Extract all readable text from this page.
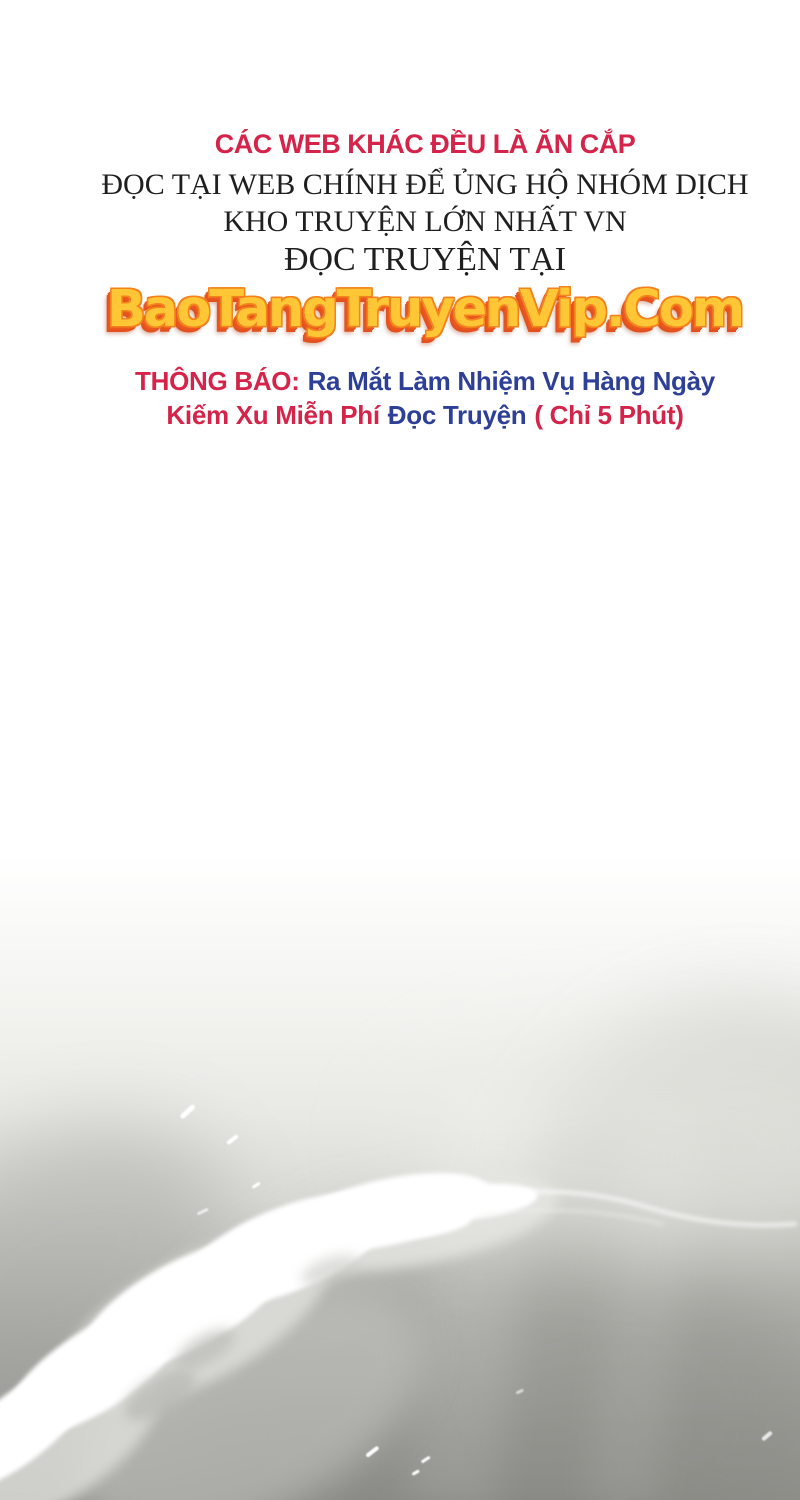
CÁC WEB KHÁC ĐỀU LÀ ĂN CẮP
ĐỌC TẠI WEB CHÍNH ĐỂ ỦNG HỘ NHÓM DỊCH
KHO TRUYỆN LỚN NHẤT VN
ĐỌC TRUYỆN TẠI
BaoTangTruyenVip.Com
THÔNG BÁO: Ra Mắt Làm Nhiệm Vụ Hàng Ngày
Kiếm Xu Miễn Phí Đọc Truyện ( Chỉ 5 Phút)
